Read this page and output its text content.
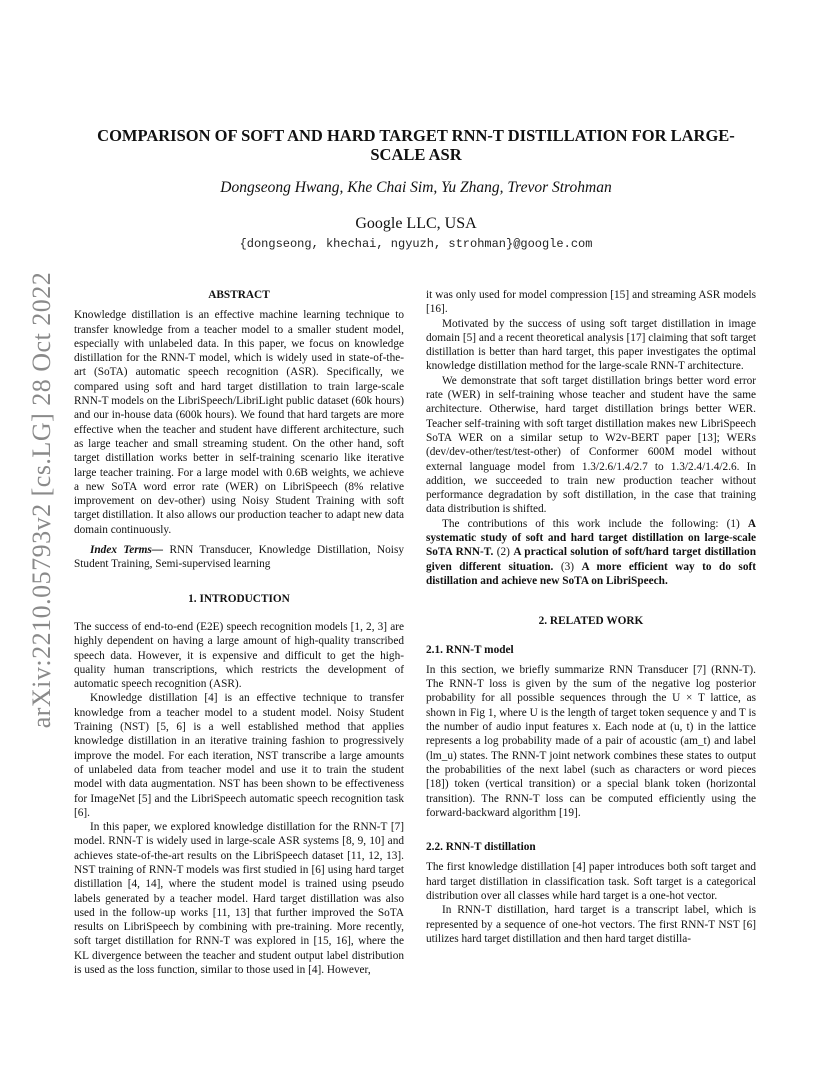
arXiv:2210.05793v2 [cs.LG] 28 Oct 2022
COMPARISON OF SOFT AND HARD TARGET RNN-T DISTILLATION FOR LARGE-SCALE ASR
Dongseong Hwang, Khe Chai Sim, Yu Zhang, Trevor Strohman
Google LLC, USA
{dongseong, khechai, ngyuzh, strohman}@google.com

ABSTRACT

Knowledge distillation is an effective machine learning technique to transfer knowledge from a teacher model to a smaller student model, especially with unlabeled data. In this paper, we focus on knowledge distillation for the RNN-T model, which is widely used in state-of-the-art (SoTA) automatic speech recognition (ASR). Specifically, we compared using soft and hard target distillation to train large-scale RNN-T models on the LibriSpeech/LibriLight public dataset (60k hours) and our in-house data (600k hours). We found that hard targets are more effective when the teacher and student have different architecture, such as large teacher and small streaming student. On the other hand, soft target distillation works better in self-training scenario like iterative large teacher training. For a large model with 0.6B weights, we achieve a new SoTA word error rate (WER) on LibriSpeech (8% relative improvement on dev-other) using Noisy Student Training with soft target distillation. It also allows our production teacher to adapt new data domain continuously.

Index Terms— RNN Transducer, Knowledge Distillation, Noisy Student Training, Semi-supervised learning

1. INTRODUCTION

The success of end-to-end (E2E) speech recognition models [1, 2, 3] are highly dependent on having a large amount of high-quality transcribed speech data. However, it is expensive and difficult to get the high-quality human transcriptions, which restricts the development of automatic speech recognition (ASR).

Knowledge distillation [4] is an effective technique to transfer knowledge from a teacher model to a student model. Noisy Student Training (NST) [5, 6] is a well established method that applies knowledge distillation in an iterative training fashion to progressively improve the model. For each iteration, NST transcribe a large amounts of unlabeled data from teacher model and use it to train the student model with data augmentation. NST has been shown to be effectiveness for ImageNet [5] and the LibriSpeech automatic speech recognition task [6].

In this paper, we explored knowledge distillation for the RNN-T [7] model. RNN-T is widely used in large-scale ASR systems [8, 9, 10] and achieves state-of-the-art results on the LibriSpeech dataset [11, 12, 13]. NST training of RNN-T models was first studied in [6] using hard target distillation [4, 14], where the student model is trained using pseudo labels generated by a teacher model. Hard target distillation was also used in the follow-up works [11, 13] that further improved the SoTA results on LibriSpeech by combining with pre-training. More recently, soft target distillation for RNN-T was explored in [15, 16], where the KL divergence between the teacher and student output label distribution is used as the loss function, similar to those used in [4]. However,

it was only used for model compression [15] and streaming ASR models [16].

Motivated by the success of using soft target distillation in image domain [5] and a recent theoretical analysis [17] claiming that soft target distillation is better than hard target, this paper investigates the optimal knowledge distillation method for the large-scale RNN-T architecture.

We demonstrate that soft target distillation brings better word error rate (WER) in self-training whose teacher and student have the same architecture. Otherwise, hard target distillation brings better WER. Teacher self-training with soft target distillation makes new LibriSpeech SoTA WER on a similar setup to W2v-BERT paper [13]; WERs (dev/dev-other/test/test-other) of Conformer 600M model without external language model from 1.3/2.6/1.4/2.7 to 1.3/2.4/1.4/2.6. In addition, we succeeded to train new production teacher without performance degradation by soft distillation, in the case that training data distribution is shifted.

The contributions of this work include the following: (1) A systematic study of soft and hard target distillation on large-scale SoTA RNN-T. (2) A practical solution of soft/hard target distillation given different situation. (3) A more efficient way to do soft distillation and achieve new SoTA on LibriSpeech.

2. RELATED WORK

2.1. RNN-T model

In this section, we briefly summarize RNN Transducer [7] (RNN-T). The RNN-T loss is given by the sum of the negative log posterior probability for all possible sequences through the U × T lattice, as shown in Fig 1, where U is the length of target token sequence y and T is the number of audio input features x. Each node at (u, t) in the lattice represents a log probability made of a pair of acoustic (am_t) and label (lm_u) states. The RNN-T joint network combines these states to output the probabilities of the next label (such as characters or word pieces [18]) token (vertical transition) or a special blank token (horizontal transition). The RNN-T loss can be computed efficiently using the forward-backward algorithm [19].

2.2. RNN-T distillation

The first knowledge distillation [4] paper introduces both soft target and hard target distillation in classification task. Soft target is a categorical distribution over all classes while hard target is a one-hot vector.

In RNN-T distillation, hard target is a transcript label, which is represented by a sequence of one-hot vectors. The first RNN-T NST [6] utilizes hard target distillation and then hard target distilla-
